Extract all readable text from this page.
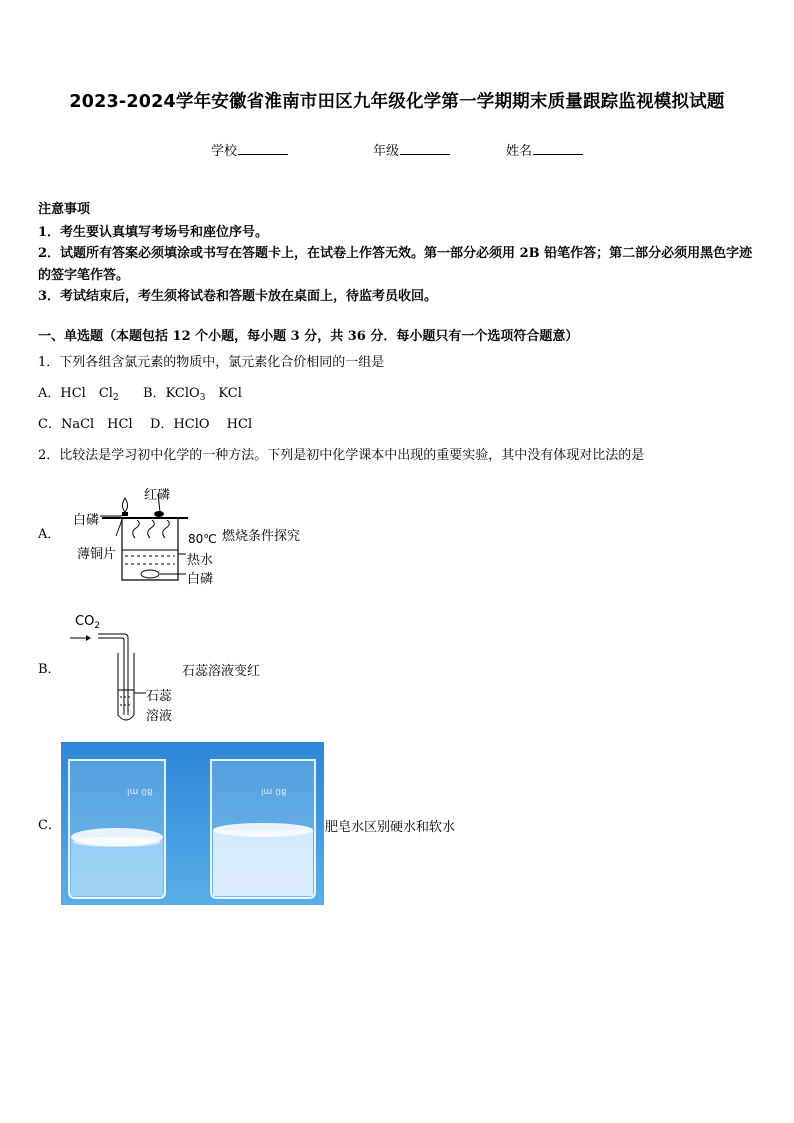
2023-2024学年安徽省淮南市田区九年级化学第一学期期末质量跟踪监视模拟试题
学校	年级	姓名
注意事项
1．考生要认真填写考场号和座位序号。
2．试题所有答案必须填涂或书写在答题卡上，在试卷上作答无效。第一部分必须用 2B 铅笔作答；第二部分必须用黑色字迹的签字笔作答。
3．考试结束后，考生须将试卷和答题卡放在桌面上，待监考员收回。
一、单选题（本题包括 12 个小题，每小题 3 分，共 36 分．每小题只有一个选项符合题意）
1．下列各组含氯元素的物质中，氯元素化合价相同的一组是
A．HCl　$Cl_2$ B．KClO$_3$　KCl
C．NaCl　HCl D．HClO　 HCl
2．比较法是学习初中化学的一种方法。下列是初中化学课本中出现的重要实验，其中没有体现对比法的是
A．
红磷
白磷
薄铜片
80℃
热水
白磷
燃烧条件探究
B．
$CO_2$
石蕊
溶液
石蕊溶液变红
C．
80 ml	80 ml
肥皂水区别硬水和软水
